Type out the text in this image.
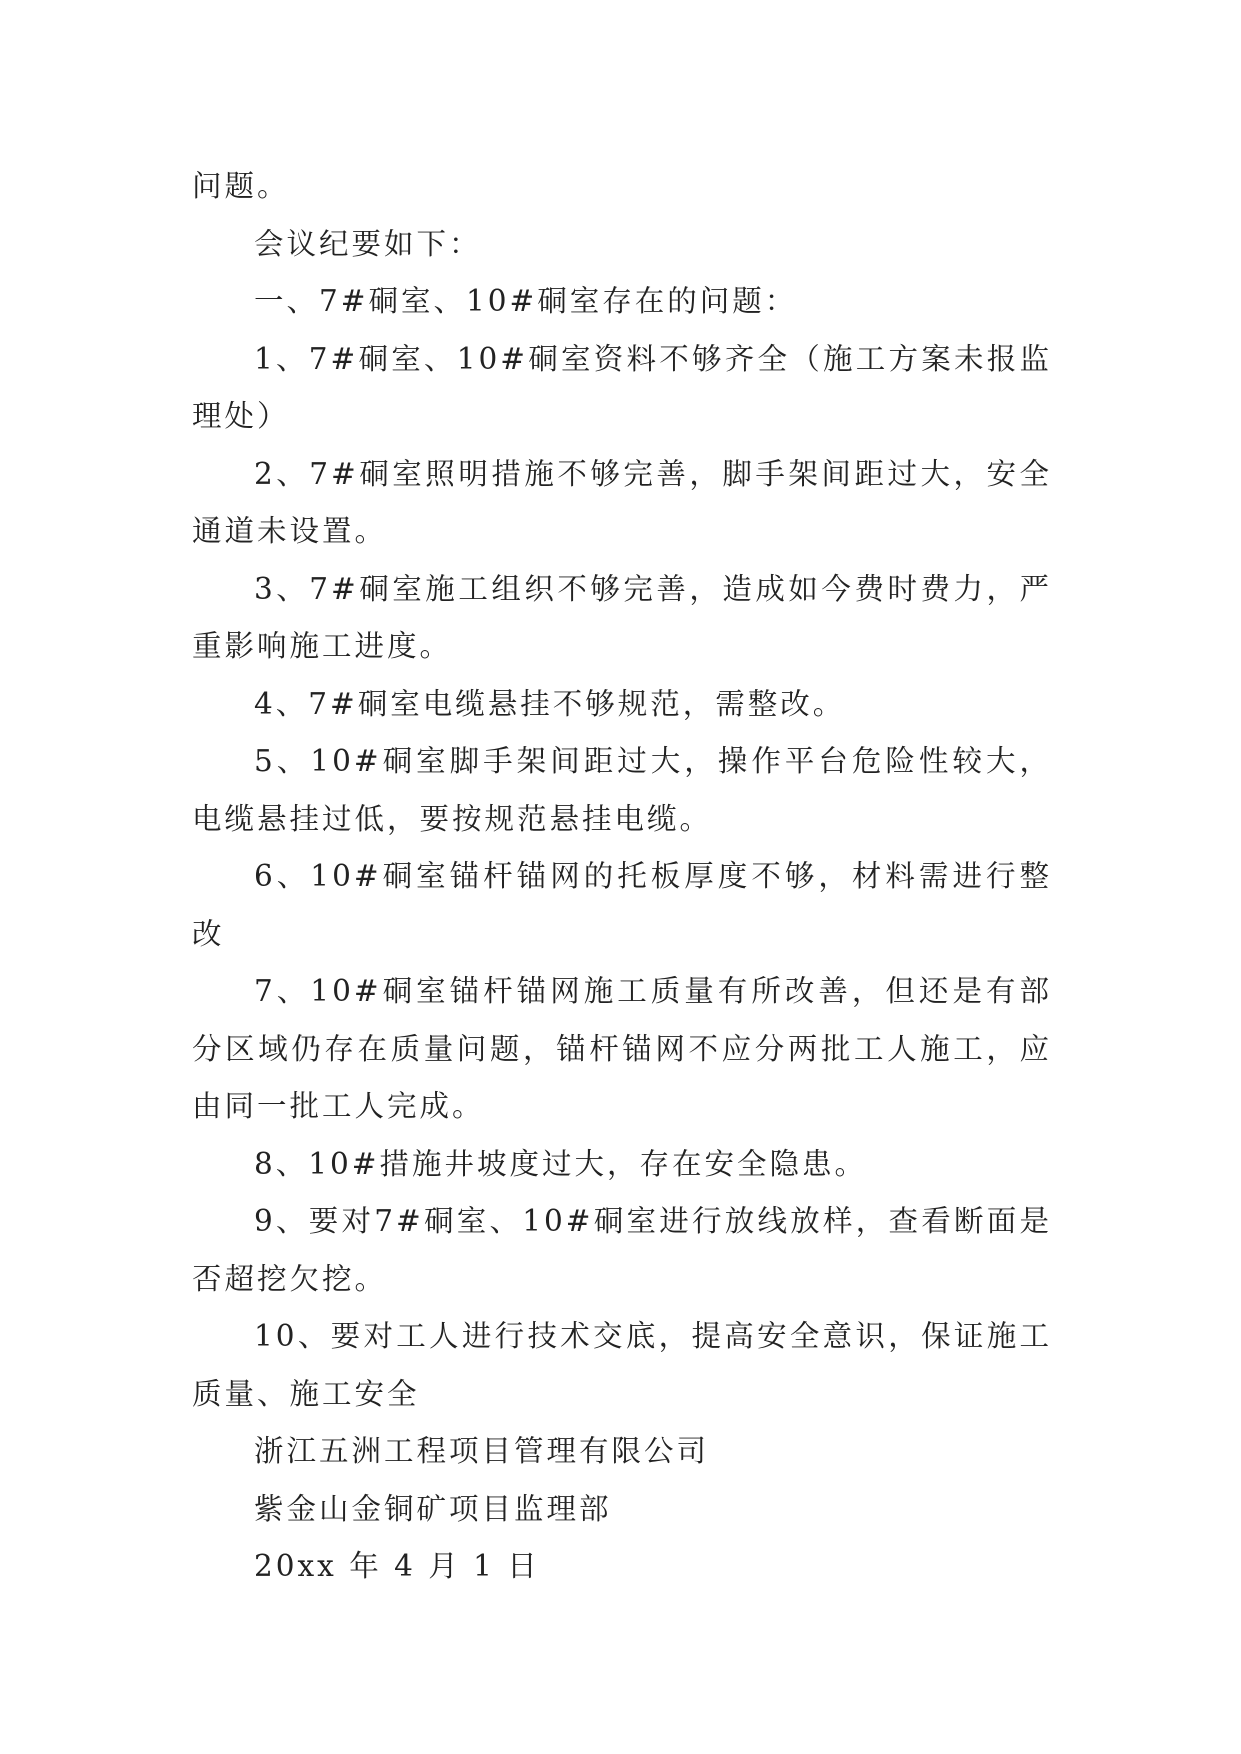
问题。

会议纪要如下：

一、7#硐室、10#硐室存在的问题：

1、7#硐室、10#硐室资料不够齐全（施工方案未报监理处）

2、7#硐室照明措施不够完善，脚手架间距过大，安全通道未设置。

3、7#硐室施工组织不够完善，造成如今费时费力，严重影响施工进度。

4、7#硐室电缆悬挂不够规范，需整改。

5、10#硐室脚手架间距过大，操作平台危险性较大，电缆悬挂过低，要按规范悬挂电缆。

6、10#硐室锚杆锚网的托板厚度不够，材料需进行整改

7、10#硐室锚杆锚网施工质量有所改善，但还是有部分区域仍存在质量问题，锚杆锚网不应分两批工人施工，应由同一批工人完成。

8、10#措施井坡度过大，存在安全隐患。

9、要对7#硐室、10#硐室进行放线放样，查看断面是否超挖欠挖。

10、要对工人进行技术交底，提高安全意识，保证施工质量、施工安全

浙江五洲工程项目管理有限公司

紫金山金铜矿项目监理部

20xx 年 4 月 1 日
